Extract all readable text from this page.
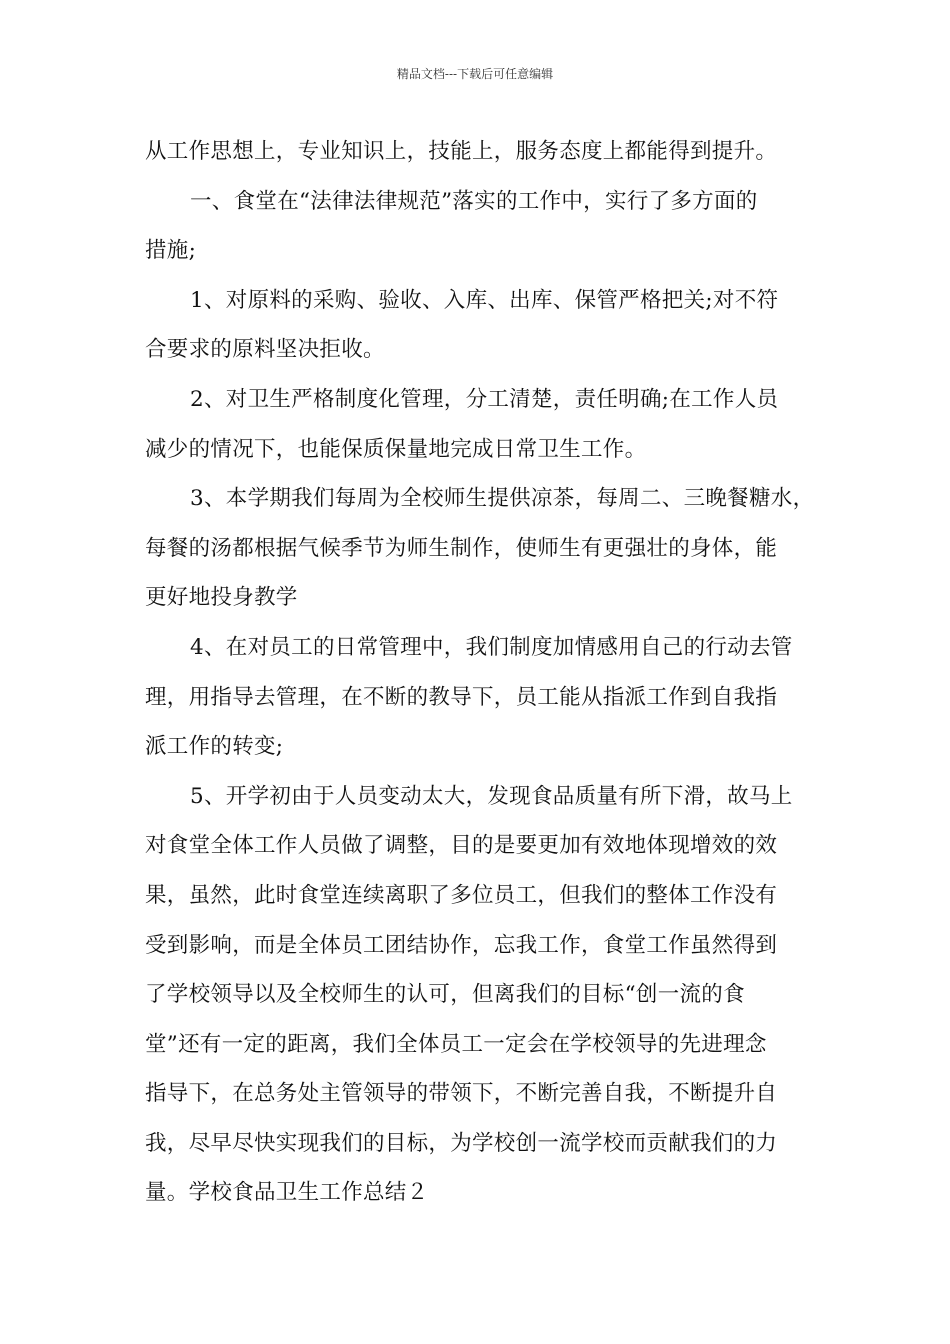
精品文档---下载后可任意编辑
从工作思想上，专业知识上，技能上，服务态度上都能得到提升。
一、食堂在“法律法律规范”落实的工作中，实行了多方面的
措施;
1、对原料的采购、验收、入库、出库、保管严格把关;对不符
合要求的原料坚决拒收。
2、对卫生严格制度化管理，分工清楚，责任明确;在工作人员
减少的情况下，也能保质保量地完成日常卫生工作。
3、本学期我们每周为全校师生提供凉茶，每周二、三晚餐糖水，
每餐的汤都根据气候季节为师生制作，使师生有更强壮的身体，能
更好地投身教学
4、在对员工的日常管理中，我们制度加情感用自己的行动去管
理，用指导去管理，在不断的教导下，员工能从指派工作到自我指
派工作的转变;
5、开学初由于人员变动太大，发现食品质量有所下滑，故马上
对食堂全体工作人员做了调整，目的是要更加有效地体现增效的效
果，虽然，此时食堂连续离职了多位员工，但我们的整体工作没有
受到影响，而是全体员工团结协作，忘我工作，食堂工作虽然得到
了学校领导以及全校师生的认可，但离我们的目标“创一流的食
堂”还有一定的距离，我们全体员工一定会在学校领导的先进理念
指导下，在总务处主管领导的带领下，不断完善自我，不断提升自
我，尽早尽快实现我们的目标，为学校创一流学校而贡献我们的力
量。学校食品卫生工作总结２
